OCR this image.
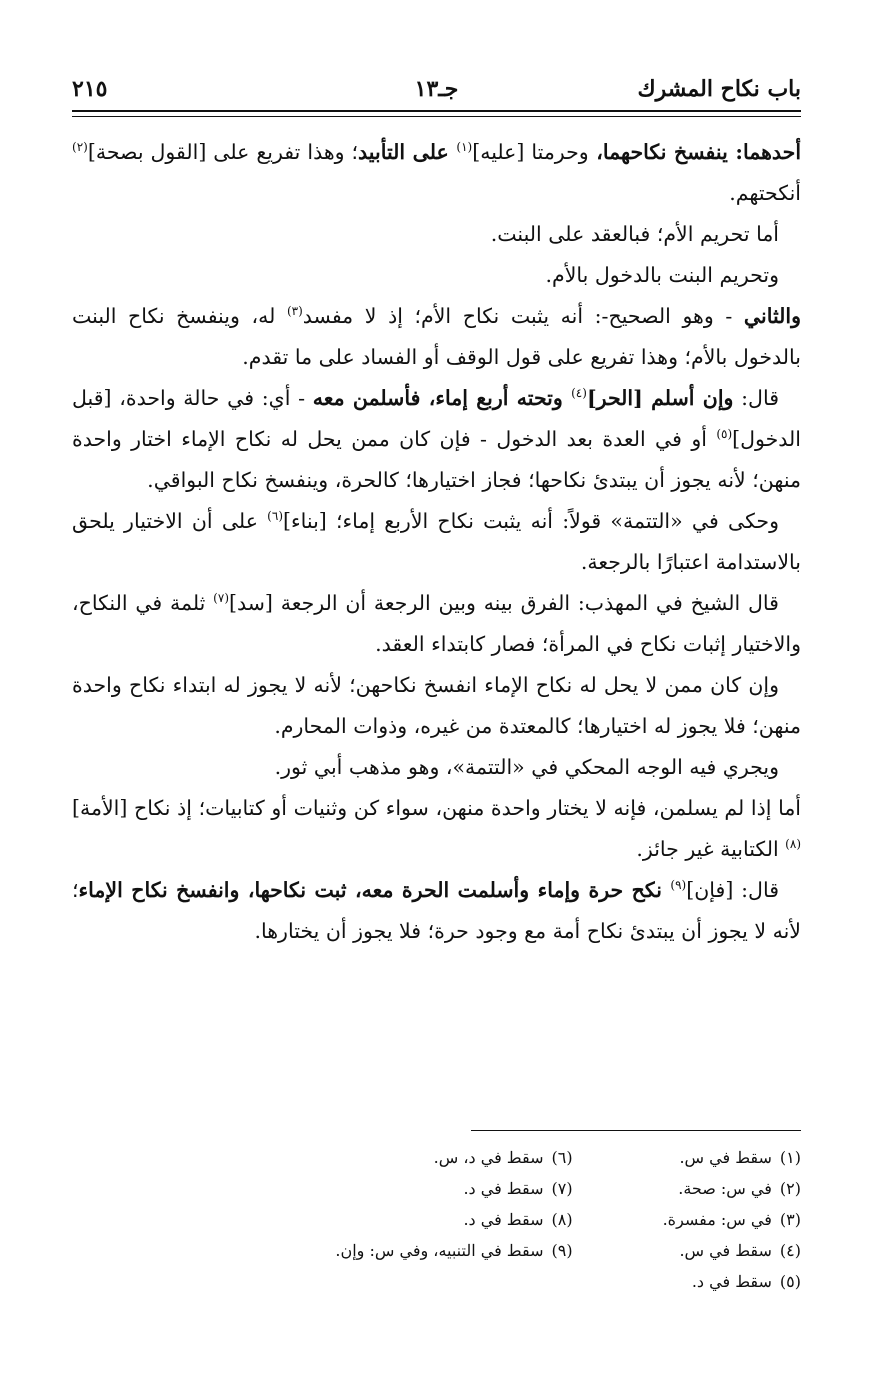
باب نكاح المشرك
جـ١٣
٢١٥

أحدهما: ينفسخ نكاحهما، وحرمتا [عليه]$^{(١)}$ على التأبيد؛ وهذا تفريع على [القول بصحة]$^{(٢)}$ أنكحتهم.

أما تحريم الأم؛ فبالعقد على البنت.

وتحريم البنت بالدخول بالأم.

والثاني - وهو الصحيح-: أنه يثبت نكاح الأم؛ إذ لا مفسد$^{(٣)}$ له، وينفسخ نكاح البنت بالدخول بالأم؛ وهذا تفريع على قول الوقف أو الفساد على ما تقدم.

قال: وإن أسلم [الحر]$^{(٤)}$ وتحته أربع إماء، فأسلمن معه - أي: في حالة واحدة، [قبل الدخول]$^{(٥)}$ أو في العدة بعد الدخول - فإن كان ممن يحل له نكاح الإماء اختار واحدة منهن؛ لأنه يجوز أن يبتدئ نكاحها؛ فجاز اختيارها؛ كالحرة، وينفسخ نكاح البواقي.

وحكى في «التتمة» قولاً: أنه يثبت نكاح الأربع إماء؛ [بناء]$^{(٦)}$ على أن الاختيار يلحق بالاستدامة اعتبارًا بالرجعة.

قال الشيخ في المهذب: الفرق بينه وبين الرجعة أن الرجعة [سد]$^{(٧)}$ ثلمة في النكاح، والاختيار إثبات نكاح في المرأة؛ فصار كابتداء العقد.

وإن كان ممن لا يحل له نكاح الإماء انفسخ نكاحهن؛ لأنه لا يجوز له ابتداء نكاح واحدة منهن؛ فلا يجوز له اختيارها؛ كالمعتدة من غيره، وذوات المحارم.

ويجري فيه الوجه المحكي في «التتمة»، وهو مذهب أبي ثور.

أما إذا لم يسلمن، فإنه لا يختار واحدة منهن، سواء كن وثنيات أو كتابيات؛ إذ نكاح [الأمة]$^{(٨)}$ الكتابية غير جائز.

قال: [فإن]$^{(٩)}$ نكح حرة وإماء وأسلمت الحرة معه، ثبت نكاحها، وانفسخ نكاح الإماء؛ لأنه لا يجوز أن يبتدئ نكاح أمة مع وجود حرة؛ فلا يجوز أن يختارها.

(١)سقط في س.
(٢)في س: صحة.
(٣)في س: مفسرة.
(٤)سقط في س.
(٥)سقط في د.
(٦)سقط في د، س.
(٧)سقط في د.
(٨)سقط في د.
(٩)سقط في التنبيه، وفي س: وإن.
